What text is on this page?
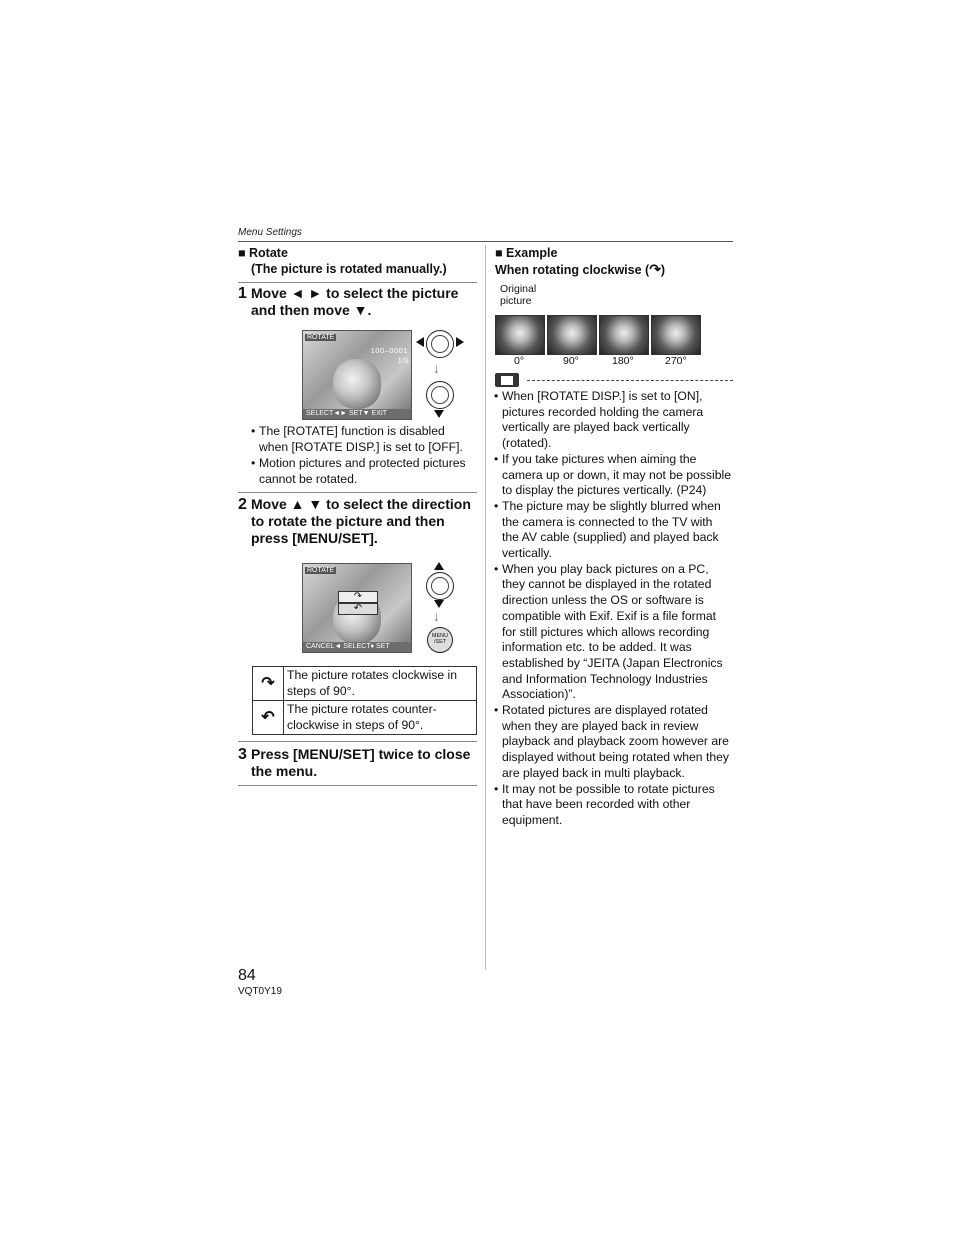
Menu Settings
■ Rotate
(The picture is rotated manually.)
1 Move ◄ ► to select the picture
and then move ▼.
ROTATE
100–0001
1/3
SELECT◄► SET▼ EXIT
↓
• The [ROTATE] function is disabled when [ROTATE DISP.] is set to [OFF].
• Motion pictures and protected pictures cannot be rotated.
2 Move ▲ ▼ to select the direction
to rotate the picture and then
press [MENU/SET].
ROTATE
↷
↶
CANCEL◄ SELECT♦ SET
↓
MENU /SET
↷	The picture rotates clockwise in steps of 90°.
↶	The picture rotates counter-clockwise in steps of 90°.
3 Press [MENU/SET] twice to close
the menu.
■ Example
When rotating clockwise (↷)
Original
picture
0°	90°	180°	270°
• When [ROTATE DISP.] is set to [ON], pictures recorded holding the camera vertically are played back vertically (rotated).
• If you take pictures when aiming the camera up or down, it may not be possible to display the pictures vertically. (P24)
• The picture may be slightly blurred when the camera is connected to the TV with the AV cable (supplied) and played back vertically.
• When you play back pictures on a PC, they cannot be displayed in the rotated direction unless the OS or software is compatible with Exif. Exif is a file format for still pictures which allows recording information etc. to be added. It was established by “JEITA (Japan Electronics and Information Technology Industries Association)”.
• Rotated pictures are displayed rotated when they are played back in review playback and playback zoom however are displayed without being rotated when they are played back in multi playback.
• It may not be possible to rotate pictures that have been recorded with other equipment.
84
VQT0Y19
